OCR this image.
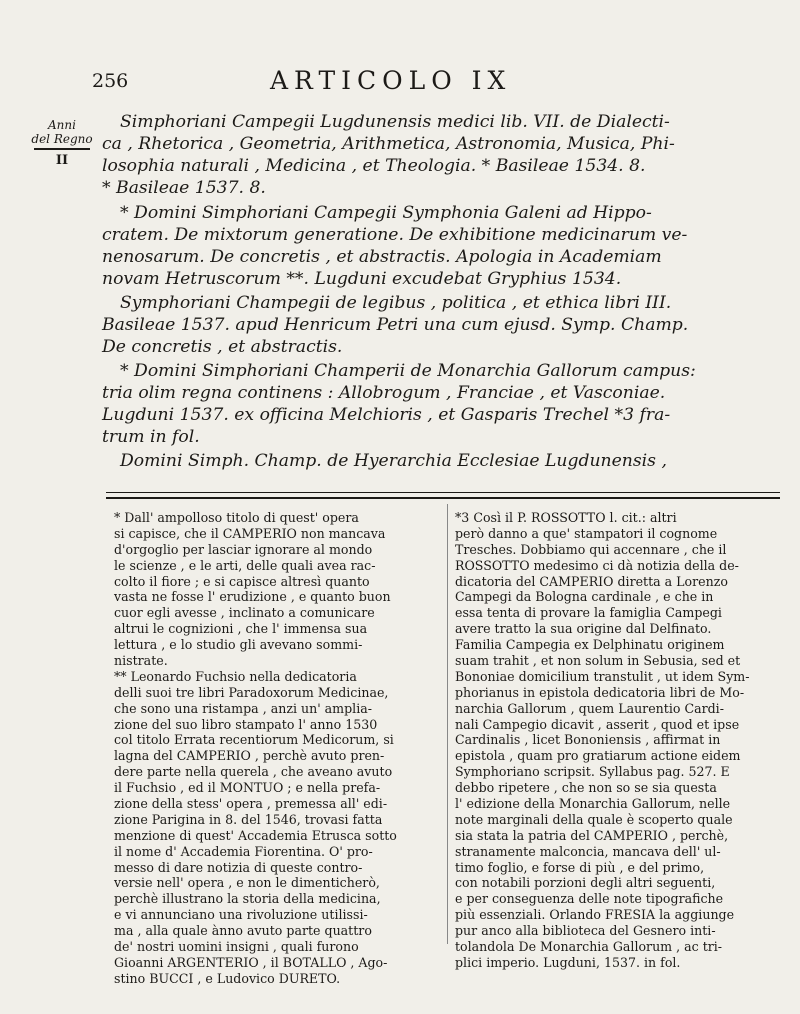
256	ARTICOLO IX
Anni
del Regno
II
Simphoriani Campegii Lugdunensis medici lib. VII. de Dialecti-
ca , Rhetorica , Geometria, Arithmetica, Astronomia, Musica, Phi-
losophia naturali , Medicina , et Theologia. * Basileae 1534. 8.
* Basileae 1537. 8.
* Domini Simphoriani Campegii Symphonia Galeni ad Hippo-
cratem. De mixtorum generatione. De exhibitione medicinarum ve-
nenosarum. De concretis , et abstractis. Apologia in Academiam
novam Hetruscorum **. Lugduni excudebat Gryphius 1534.
Symphoriani Champegii de legibus , politica , et ethica libri III.
Basileae 1537. apud Henricum Petri una cum ejusd. Symp. Champ.
De concretis , et abstractis.
* Domini Simphoriani Champerii de Monarchia Gallorum campus:
tria olim regna continens : Allobrogum , Franciae , et Vasconiae.
Lugduni 1537. ex officina Melchioris , et Gasparis Trechel *3 fra-
trum in fol.
Domini Simph. Champ. de Hyerarchia Ecclesiae Lugdunensis ,
* Dall' ampolloso titolo di quest' opera
si capisce, che il CAMPERIO non mancava
d'orgoglio per lasciar ignorare al mondo
le scienze , e le arti, delle quali avea rac-
colto il fiore ; e si capisce altresì quanto
vasta ne fosse l' erudizione , e quanto buon
cuor egli avesse , inclinato a comunicare
altrui le cognizioni , che l' immensa sua
lettura , e lo studio gli avevano sommi-
nistrate.
** Leonardo Fuchsio nella dedicatoria
delli suoi tre libri Paradoxorum Medicinae,
che sono una ristampa , anzi un' amplia-
zione del suo libro stampato l' anno 1530
col titolo Errata recentiorum Medicorum, si
lagna del CAMPERIO , perchè avuto pren-
dere parte nella querela , che aveano avuto
il Fuchsio , ed il MONTUO ; e nella prefa-
zione della stess' opera , premessa all' edi-
zione Parigina in 8. del 1546, trovasi fatta
menzione di quest' Accademia Etrusca sotto
il nome d' Accademia Fiorentina. O' pro-
messo di dare notizia di queste contro-
versie nell' opera , e non le dimenticherò,
perchè illustrano la storia della medicina,
e vi annunciano una rivoluzione utilissi-
ma , alla quale ànno avuto parte quattro
de' nostri uomini insigni , quali furono
Gioanni ARGENTERIO , il BOTALLO , Ago-
stino BUCCI , e Ludovico DURETO.
*3 Così il P. ROSSOTTO l. cit.: altri
però danno a que' stampatori il cognome
Tresches. Dobbiamo qui accennare , che il
ROSSOTTO medesimo ci dà notizia della de-
dicatoria del CAMPERIO diretta a Lorenzo
Campegi da Bologna cardinale , e che in
essa tenta di provare la famiglia Campegi
avere tratto la sua origine dal Delfinato.
Familia Campegia ex Delphinatu originem
suam trahit , et non solum in Sebusia, sed et
Bononiae domicilium transtulit , ut idem Sym-
phorianus in epistola dedicatoria libri de Mo-
narchia Gallorum , quem Laurentio Cardi-
nali Campegio dicavit , asserit , quod et ipse
Cardinalis , licet Bononiensis , affirmat in
epistola , quam pro gratiarum actione eidem
Symphoriano scripsit. Syllabus pag. 527. E
debbo ripetere , che non so se sia questa
l' edizione della Monarchia Gallorum, nelle
note marginali della quale è scoperto quale
sia stata la patria del CAMPERIO , perchè,
stranamente malconcia, mancava dell' ul-
timo foglio, e forse di più , e del primo,
con notabili porzioni degli altri seguenti,
e per conseguenza delle note tipografiche
più essenziali. Orlando FRESIA la aggiunge
pur anco alla biblioteca del Gesnero inti-
tolandola De Monarchia Gallorum , ac tri-
plici imperio. Lugduni, 1537. in fol.
